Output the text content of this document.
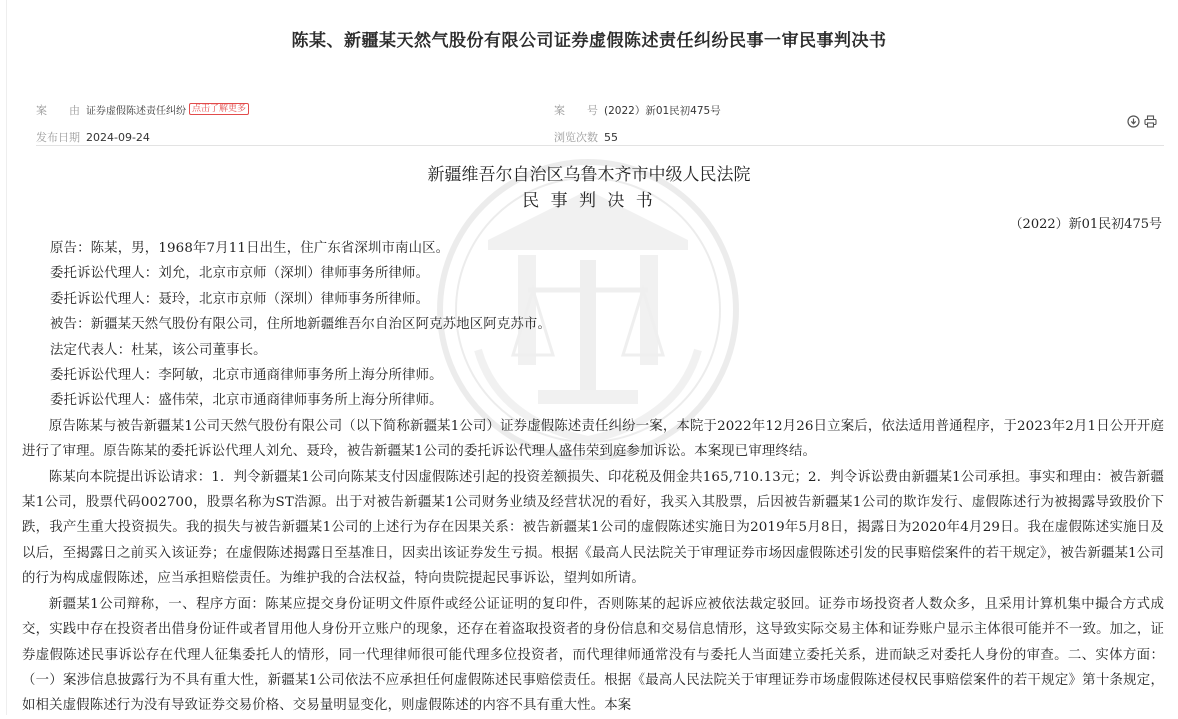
陈某、新疆某天然气股份有限公司证券虚假陈述责任纠纷民事一审民事判决书
案　　由 证券虚假陈述责任纠纷 点击了解更多	案　　号 (2022）新01民初475号
发布日期 2024-09-24	浏览次数 55
新疆维吾尔自治区乌鲁木齐市中级人民法院
民 事 判 决 书
（2022）新01民初475号

原告：陈某，男，1968年7月11日出生，住广东省深圳市南山区。

委托诉讼代理人：刘允，北京市京师（深圳）律师事务所律师。

委托诉讼代理人：聂玲，北京市京师（深圳）律师事务所律师。

被告：新疆某天然气股份有限公司，住所地新疆维吾尔自治区阿克苏地区阿克苏市。

法定代表人：杜某，该公司董事长。

委托诉讼代理人：李阿敏，北京市通商律师事务所上海分所律师。

委托诉讼代理人：盛伟荣，北京市通商律师事务所上海分所律师。

原告陈某与被告新疆某1公司天然气股份有限公司（以下简称新疆某1公司）证券虚假陈述责任纠纷一案，本院于2022年12月26日立案后，依法适用普通程序，于2023年2月1日公开开庭进行了审理。原告陈某的委托诉讼代理人刘允、聂玲，被告新疆某1公司的委托诉讼代理人盛伟荣到庭参加诉讼。本案现已审理终结。

陈某向本院提出诉讼请求：1．判令新疆某1公司向陈某支付因虚假陈述引起的投资差额损失、印花税及佣金共165,710.13元；2．判令诉讼费由新疆某1公司承担。事实和理由：被告新疆某1公司，股票代码002700，股票名称为ST浩源。出于对被告新疆某1公司财务业绩及经营状况的看好，我买入其股票，后因被告新疆某1公司的欺诈发行、虚假陈述行为被揭露导致股价下跌，我产生重大投资损失。我的损失与被告新疆某1公司的上述行为存在因果关系：被告新疆某1公司的虚假陈述实施日为2019年5月8日，揭露日为2020年4月29日。我在虚假陈述实施日及以后，至揭露日之前买入该证券；在虚假陈述揭露日至基准日，因卖出该证券发生亏损。根据《最高人民法院关于审理证券市场因虚假陈述引发的民事赔偿案件的若干规定》，被告新疆某1公司的行为构成虚假陈述，应当承担赔偿责任。为维护我的合法权益，特向贵院提起民事诉讼，望判如所请。

新疆某1公司辩称，一、程序方面：陈某应提交身份证明文件原件或经公证证明的复印件，否则陈某的起诉应被依法裁定驳回。证券市场投资者人数众多，且采用计算机集中撮合方式成交，实践中存在投资者出借身份证件或者冒用他人身份开立账户的现象，还存在着盗取投资者的身份信息和交易信息情形，这导致实际交易主体和证券账户显示主体很可能并不一致。加之，证券虚假陈述民事诉讼存在代理人征集委托人的情形，同一代理律师很可能代理多位投资者，而代理律师通常没有与委托人当面建立委托关系，进而缺乏对委托人身份的审查。二、实体方面：（一）案涉信息披露行为不具有重大性，新疆某1公司依法不应承担任何虚假陈述民事赔偿责任。根据《最高人民法院关于审理证券市场虚假陈述侵权民事赔偿案件的若干规定》第十条规定，如相关虚假陈述行为没有导致证券交易价格、交易量明显变化，则虚假陈述的内容不具有重大性。本案
